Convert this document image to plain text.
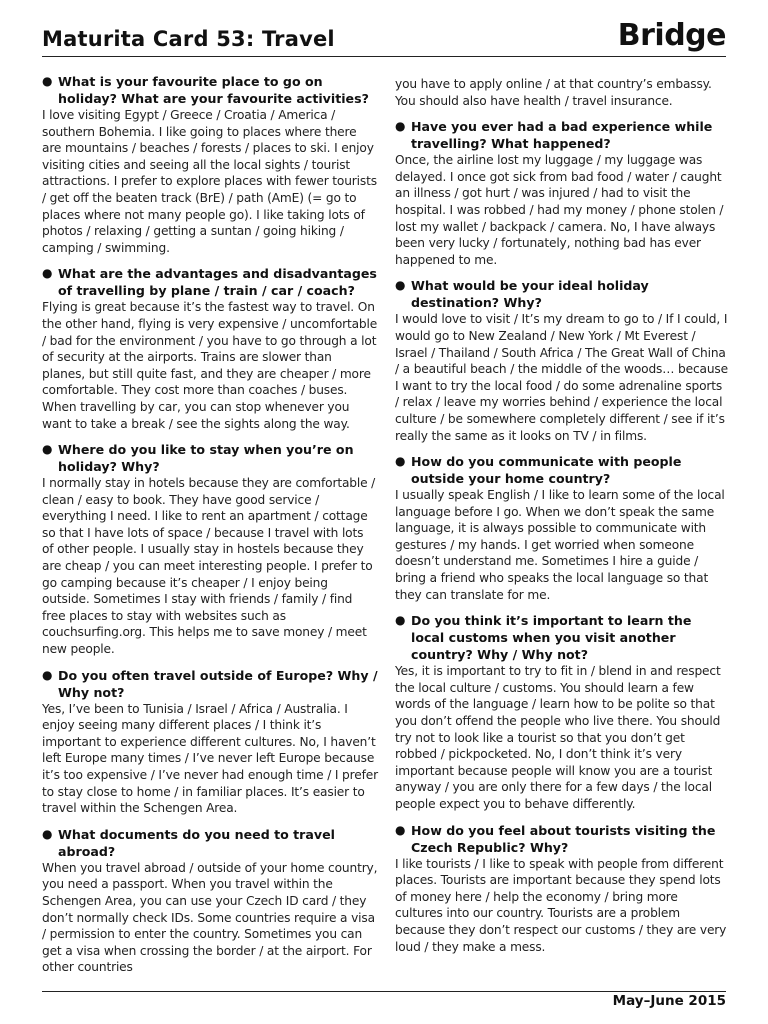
Maturita Card 53: Travel	Bridge
● What is your favourite place to go on holiday? What are your favourite activities?
I love visiting Egypt / Greece / Croatia / America / southern Bohemia. I like going to places where there are mountains / beaches / forests / places to ski. I enjoy visiting cities and seeing all the local sights / tourist attractions. I prefer to explore places with fewer tourists / get off the beaten track (BrE) / path (AmE) (= go to places where not many people go). I like taking lots of photos / relaxing / getting a suntan / going hiking / camping / swimming.
● What are the advantages and disadvantages of travelling by plane / train / car / coach?
Flying is great because it’s the fastest way to travel. On the other hand, flying is very expensive / uncomfortable / bad for the environment / you have to go through a lot of security at the airports. Trains are slower than planes, but still quite fast, and they are cheaper / more comfortable. They cost more than coaches / buses. When travelling by car, you can stop whenever you want to take a break / see the sights along the way.
● Where do you like to stay when you’re on holiday? Why?
I normally stay in hotels because they are comfortable / clean / easy to book. They have good service / everything I need. I like to rent an apartment / cottage so that I have lots of space / because I travel with lots of other people. I usually stay in hostels because they are cheap / you can meet interesting people. I prefer to go camping because it’s cheaper / I enjoy being outside. Sometimes I stay with friends / family / find free places to stay with websites such as couchsurfing.org. This helps me to save money / meet new people.
● Do you often travel outside of Europe? Why / Why not?
Yes, I’ve been to Tunisia / Israel / Africa / Australia. I enjoy seeing many different places / I think it’s important to experience different cultures. No, I haven’t left Europe many times / I’ve never left Europe because it’s too expensive / I’ve never had enough time / I prefer to stay close to home / in familiar places. It’s easier to travel within the Schengen Area.
● What documents do you need to travel abroad?
When you travel abroad / outside of your home country, you need a passport. When you travel within the Schengen Area, you can use your Czech ID card / they don’t normally check IDs. Some countries require a visa / permission to enter the country. Sometimes you can get a visa when crossing the border / at the airport. For other countries
you have to apply online / at that country’s embassy. You should also have health / travel insurance.
● Have you ever had a bad experience while travelling? What happened?
Once, the airline lost my luggage / my luggage was delayed. I once got sick from bad food / water / caught an illness / got hurt / was injured / had to visit the hospital. I was robbed / had my money / phone stolen / lost my wallet / backpack / camera. No, I have always been very lucky / fortunately, nothing bad has ever happened to me.
● What would be your ideal holiday destination? Why?
I would love to visit / It’s my dream to go to / If I could, I would go to New Zealand / New York / Mt Everest / Israel / Thailand / South Africa / The Great Wall of China / a beautiful beach / the middle of the woods… because I want to try the local food / do some adrenaline sports / relax / leave my worries behind / experience the local culture / be somewhere completely different / see if it’s really the same as it looks on TV / in films.
● How do you communicate with people outside your home country?
I usually speak English / I like to learn some of the local language before I go. When we don’t speak the same language, it is always possible to communicate with gestures / my hands. I get worried when someone doesn’t understand me. Sometimes I hire a guide / bring a friend who speaks the local language so that they can translate for me.
● Do you think it’s important to learn the local customs when you visit another country? Why / Why not?
Yes, it is important to try to fit in / blend in and respect the local culture / customs. You should learn a few words of the language / learn how to be polite so that you don’t offend the people who live there. You should try not to look like a tourist so that you don’t get robbed / pickpocketed. No, I don’t think it’s very important because people will know you are a tourist anyway / you are only there for a few days / the local people expect you to behave differently.
● How do you feel about tourists visiting the Czech Republic? Why?
I like tourists / I like to speak with people from different places. Tourists are important because they spend lots of money here / help the economy / bring more cultures into our country. Tourists are a problem because they don’t respect our customs / they are very loud / they make a mess.
May–June 2015
